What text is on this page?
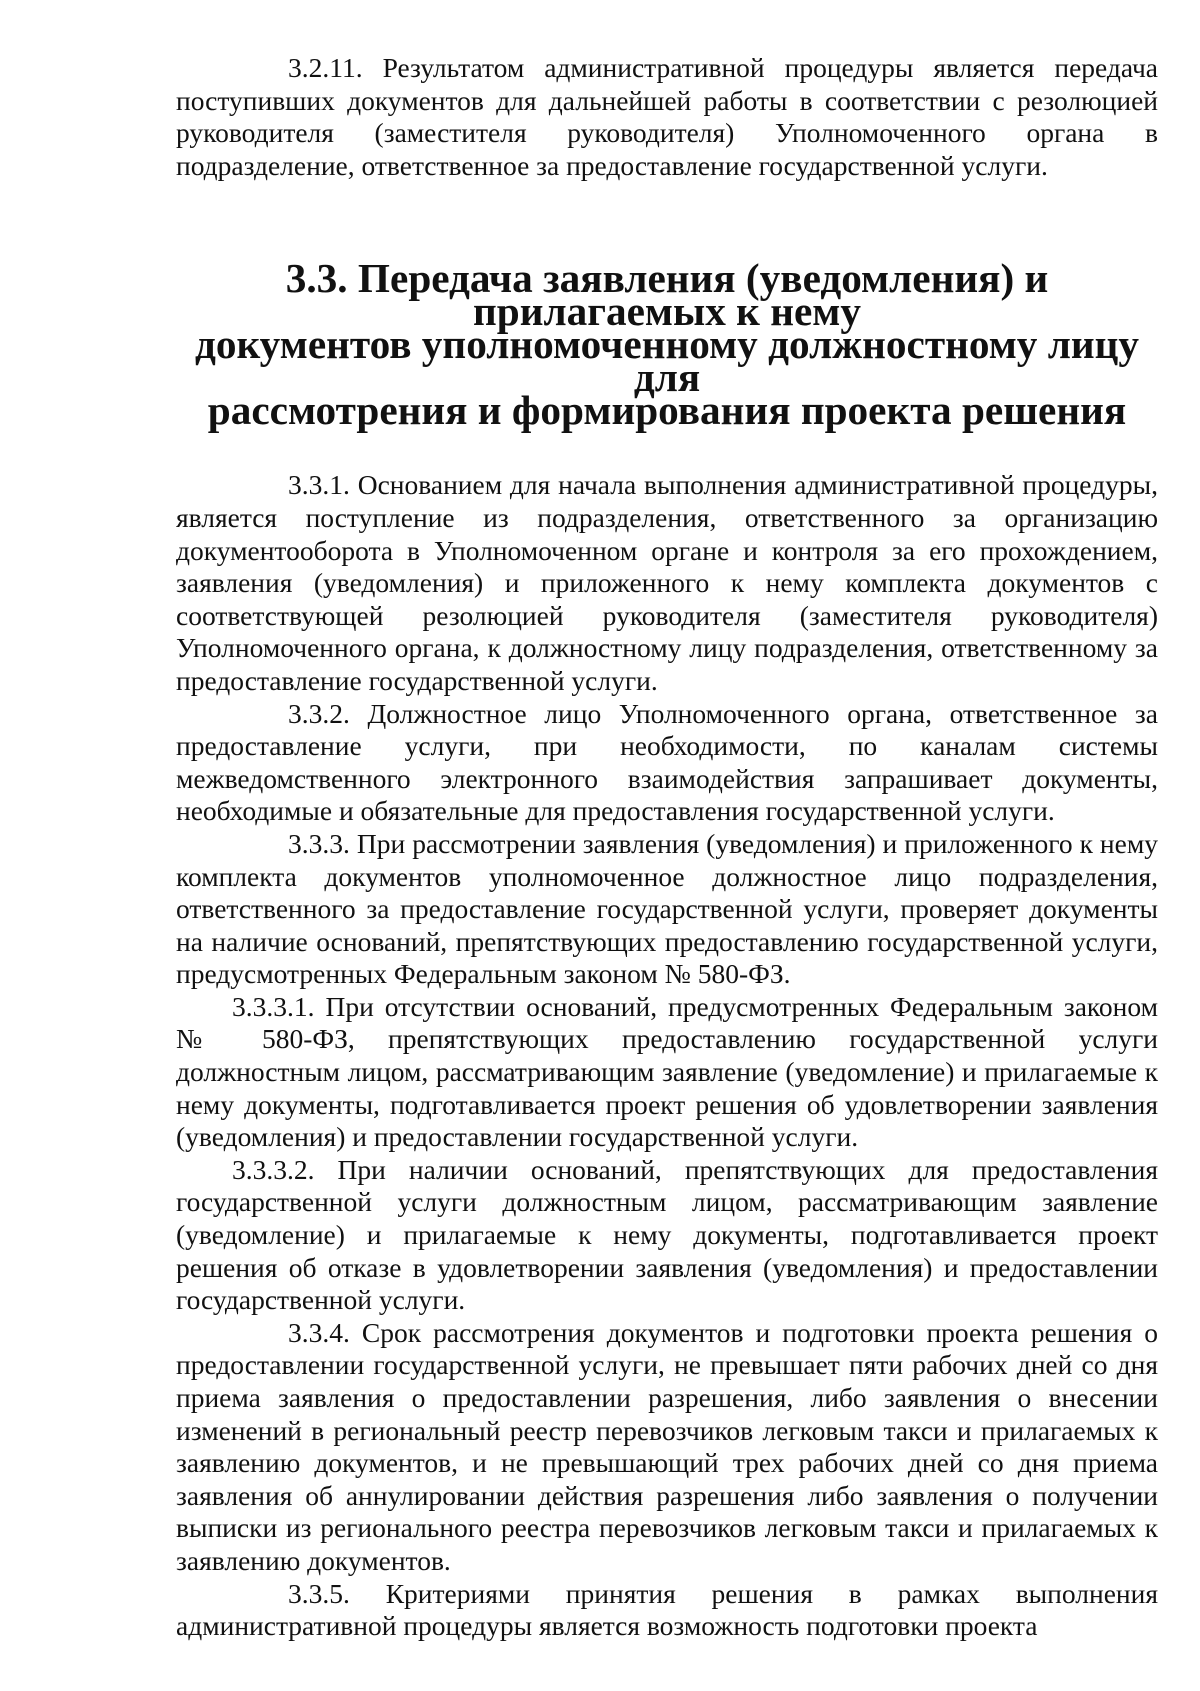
3.2.11. Результатом административной процедуры является передача поступивших документов для дальнейшей работы в соответствии с резолюцией руководителя (заместителя руководителя) Уполномоченного органа в подразделение, ответственное за предоставление государственной услуги.

3.3. Передача заявления (уведомления) и прилагаемых к нему
документов уполномоченному должностному лицу для
рассмотрения и формирования проекта решения

3.3.1. Основанием для начала выполнения административной процедуры, является поступление из подразделения, ответственного за организацию документооборота в Уполномоченном органе и контроля за его прохождением, заявления (уведомления) и приложенного к нему комплекта документов с соответствующей резолюцией руководителя (заместителя руководителя) Уполномоченного органа, к должностному лицу подразделения, ответственному за предоставление государственной услуги.

3.3.2. Должностное лицо Уполномоченного органа, ответственное за предоставление услуги, при необходимости, по каналам системы межведомственного электронного взаимодействия запрашивает документы, необходимые и обязательные для предоставления государственной услуги.

3.3.3. При рассмотрении заявления (уведомления) и приложенного к нему комплекта документов уполномоченное должностное лицо подразделения, ответственного за предоставление государственной услуги, проверяет документы на наличие оснований, препятствующих предоставлению государственной услуги, предусмотренных Федеральным законом № 580-ФЗ.

3.3.3.1. При отсутствии оснований, предусмотренных Федеральным законом № 580-ФЗ, препятствующих предоставлению государственной услуги должностным лицом, рассматривающим заявление (уведомление) и прилагаемые к нему документы, подготавливается проект решения об удовлетворении заявления (уведомления) и предоставлении государственной услуги.

3.3.3.2. При наличии оснований, препятствующих для предоставления государственной услуги должностным лицом, рассматривающим заявление (уведомление) и прилагаемые к нему документы, подготавливается проект решения об отказе в удовлетворении заявления (уведомления) и предоставлении государственной услуги.

3.3.4. Срок рассмотрения документов и подготовки проекта решения о предоставлении государственной услуги, не превышает пяти рабочих дней со дня приема заявления о предоставлении разрешения, либо заявления о внесении изменений в региональный реестр перевозчиков легковым такси и прилагаемых к заявлению документов, и не превышающий трех рабочих дней со дня приема заявления об аннулировании действия разрешения либо заявления о получении выписки из регионального реестра перевозчиков легковым такси и прилагаемых к заявлению документов.

3.3.5. Критериями принятия решения в рамках выполнения административной процедуры является возможность подготовки проекта
